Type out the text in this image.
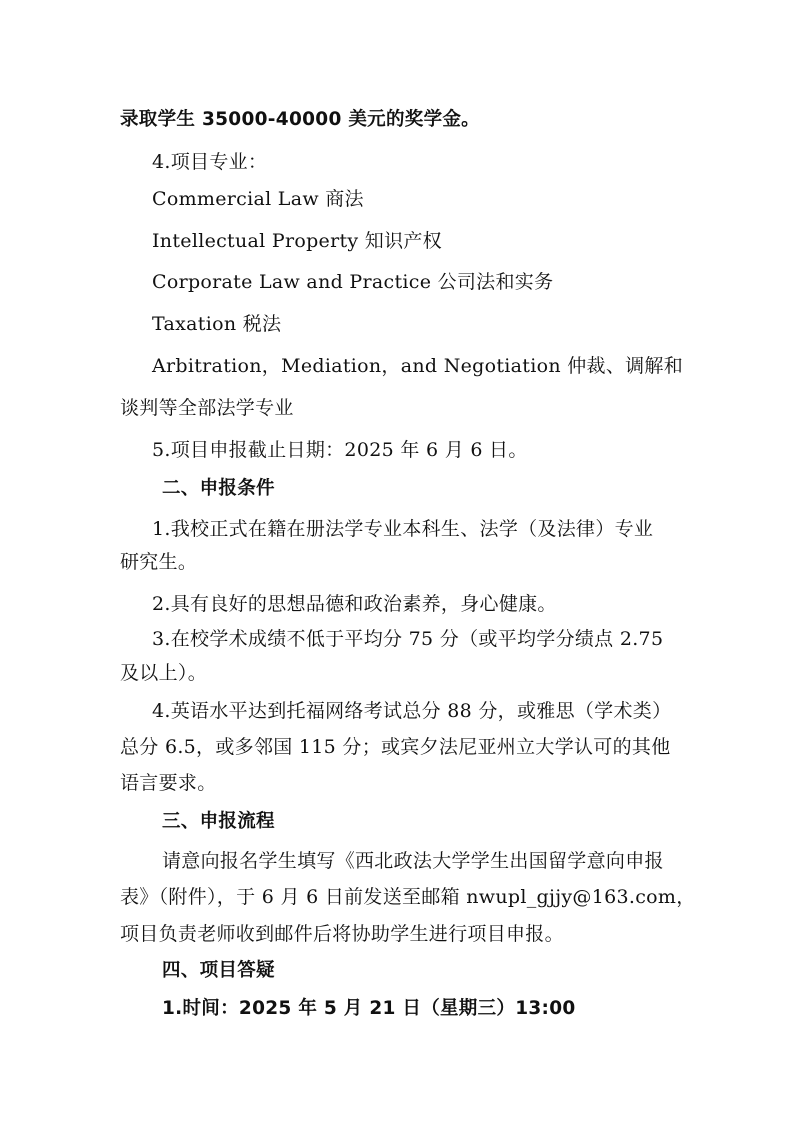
录取学生 35000-40000 美元的奖学金。
4.项目专业：
Commercial Law 商法
Intellectual Property 知识产权
Corporate Law and Practice 公司法和实务
Taxation 税法
Arbitration，Mediation，and Negotiation 仲裁、调解和
谈判等全部法学专业
5.项目申报截止日期：2025 年 6 月 6 日。
二、申报条件
1.我校正式在籍在册法学专业本科生、法学（及法律）专业
研究生。
2.具有良好的思想品德和政治素养，身心健康。
3.在校学术成绩不低于平均分 75 分（或平均学分绩点 2.75
及以上）。
4.英语水平达到托福网络考试总分 88 分，或雅思（学术类）
总分 6.5，或多邻国 115 分；或宾夕法尼亚州立大学认可的其他
语言要求。
三、申报流程
请意向报名学生填写《西北政法大学学生出国留学意向申报
表》（附件），于 6 月 6 日前发送至邮箱 nwupl_gjjy@163.com，
项目负责老师收到邮件后将协助学生进行项目申报。
四、项目答疑
1.时间：2025 年 5 月 21 日（星期三）13:00
